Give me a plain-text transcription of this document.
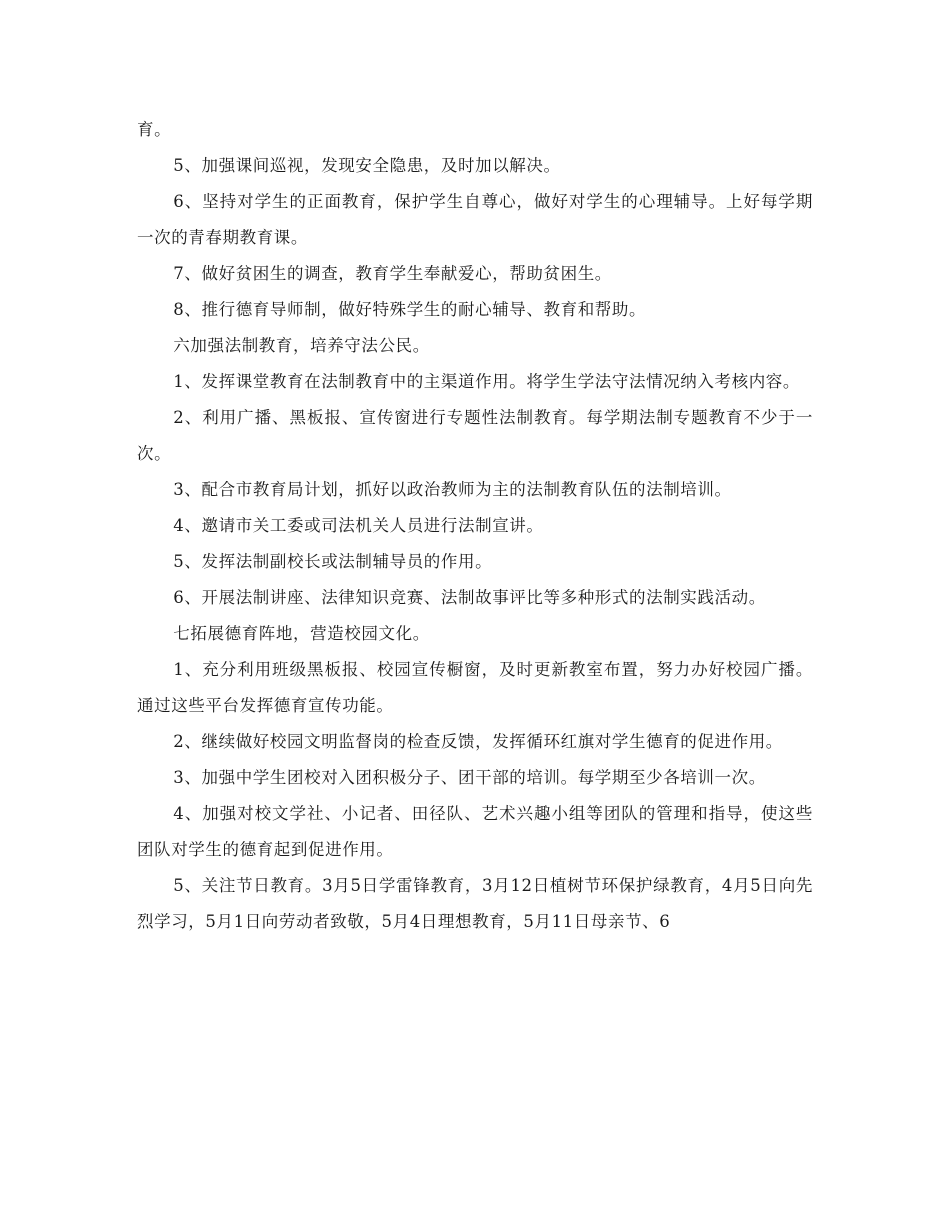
育。

5、加强课间巡视，发现安全隐患，及时加以解决。

6、坚持对学生的正面教育，保护学生自尊心，做好对学生的心理辅导。上好每学期一次的青春期教育课。

7、做好贫困生的调查，教育学生奉献爱心，帮助贫困生。

8、推行德育导师制，做好特殊学生的耐心辅导、教育和帮助。

六加强法制教育，培养守法公民。

1、发挥课堂教育在法制教育中的主渠道作用。将学生学法守法情况纳入考核内容。

2、利用广播、黑板报、宣传窗进行专题性法制教育。每学期法制专题教育不少于一次。

3、配合市教育局计划，抓好以政治教师为主的法制教育队伍的法制培训。

4、邀请市关工委或司法机关人员进行法制宣讲。

5、发挥法制副校长或法制辅导员的作用。

6、开展法制讲座、法律知识竞赛、法制故事评比等多种形式的法制实践活动。

七拓展德育阵地，营造校园文化。

1、充分利用班级黑板报、校园宣传橱窗，及时更新教室布置，努力办好校园广播。通过这些平台发挥德育宣传功能。

2、继续做好校园文明监督岗的检查反馈，发挥循环红旗对学生德育的促进作用。

3、加强中学生团校对入团积极分子、团干部的培训。每学期至少各培训一次。

4、加强对校文学社、小记者、田径队、艺术兴趣小组等团队的管理和指导，使这些团队对学生的德育起到促进作用。

5、关注节日教育。3月5日学雷锋教育，3月12日植树节环保护绿教育，4月5日向先烈学习，5月1日向劳动者致敬，5月4日理想教育，5月11日母亲节、6
